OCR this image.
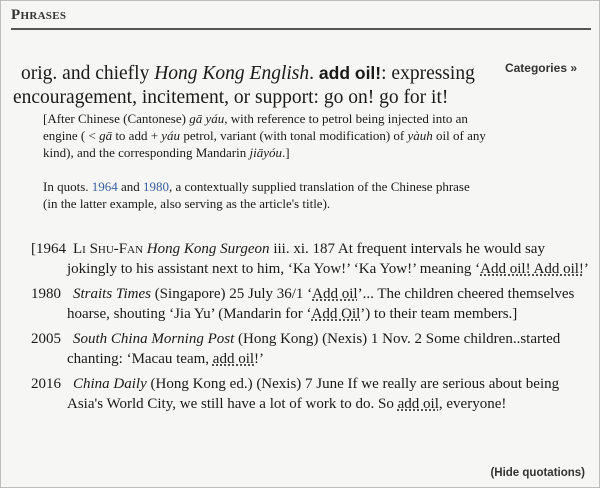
Phrases
Categories »
orig. and chiefly Hong Kong English. add oil!: expressing encouragement, incitement, or support: go on! go for it!
[After Chinese (Cantonese) gā yáu, with reference to petrol being injected into an engine ( < gā to add + yáu petrol, variant (with tonal modification) of yàuh oil of any kind), and the corresponding Mandarin jiāyóu.]
In quots. 1964 and 1980, a contextually supplied translation of the Chinese phrase (in the latter example, also serving as the article's title).
[1964 Li Shu-Fan Hong Kong Surgeon iii. xi. 187 At frequent intervals he would say jokingly to his assistant next to him, ‘Ka Yow!’ ‘Ka Yow!’ meaning ‘Add oil! Add oil!’
1980 Straits Times (Singapore) 25 July 36/1 ‘Add oil’... The children cheered themselves hoarse, shouting ‘Jia Yu’ (Mandarin for ‘Add Oil’) to their team members.]
2005 South China Morning Post (Hong Kong) (Nexis) 1 Nov. 2 Some children..started chanting: ‘Macau team, add oil!’
2016 China Daily (Hong Kong ed.) (Nexis) 7 June If we really are serious about being Asia's World City, we still have a lot of work to do. So add oil, everyone!
(Hide quotations)
